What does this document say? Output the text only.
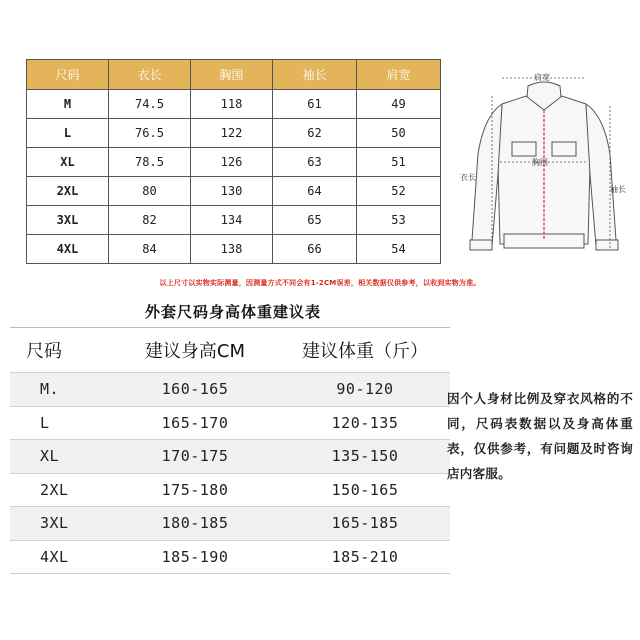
尺码	衣长	胸围	袖长	肩宽
M	74.5	118	61	49
L	76.5	122	62	50
XL	78.5	126	63	51
2XL	80	130	64	52
3XL	82	134	65	53
4XL	84	138	66	54
肩宽
胸围
衣长
袖长
以上尺寸以实物实际测量，因测量方式不同会有1-2CM误差，相关数据仅供参考，以收到实物为准。
外套尺码身高体重建议表
尺码	建议身高CM	建议体重（斤）
M.	160-165	90-120
L	165-170	120-135
XL	170-175	135-150
2XL	175-180	150-165
3XL	180-185	165-185
4XL	185-190	185-210
因个人身材比例及穿衣风格的不同，尺码表数据以及身高体重表，仅供参考，有问题及时咨询店内客服。
